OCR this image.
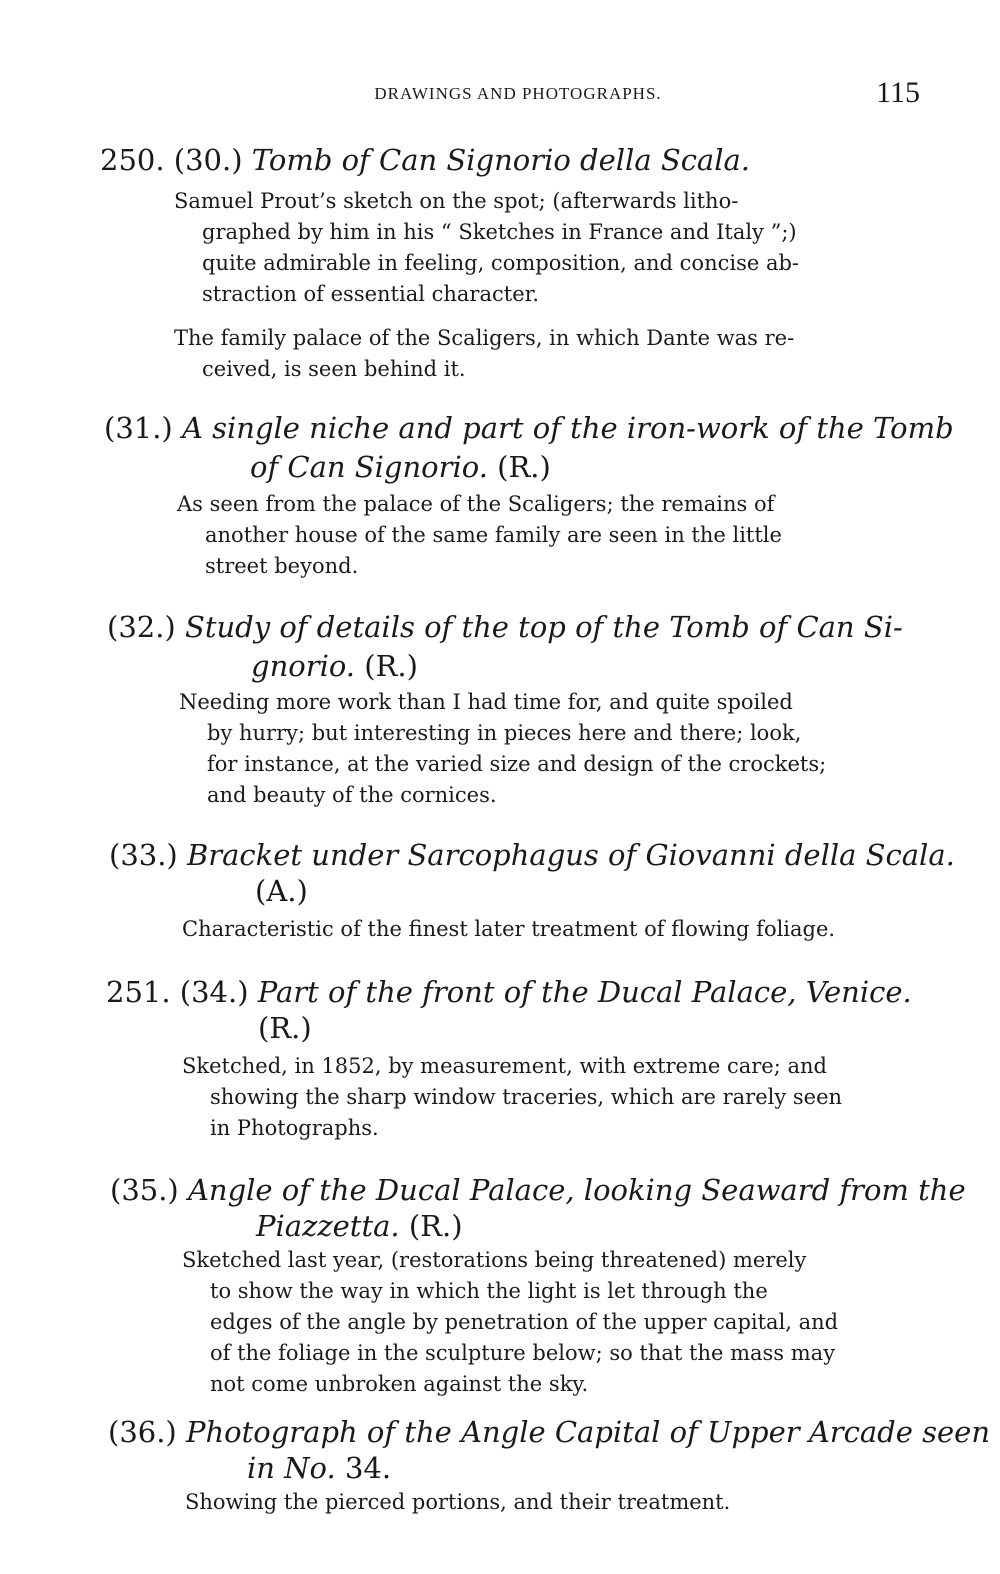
DRAWINGS AND PHOTOGRAPHS.	115
250. (30.) Tomb of Can Signorio della Scala.
Samuel Prout’s sketch on the spot; (afterwards litho-
graphed by him in his “ Sketches in France and Italy ”;)
quite admirable in feeling, composition, and concise ab-
straction of essential character.
The family palace of the Scaligers, in which Dante was re-
ceived, is seen behind it.
(31.) A single niche and part of the iron-work of the Tomb
of Can Signorio. (R.)
As seen from the palace of the Scaligers; the remains of
another house of the same family are seen in the little
street beyond.
(32.) Study of details of the top of the Tomb of Can Si-
gnorio. (R.)
Needing more work than I had time for, and quite spoiled
by hurry; but interesting in pieces here and there; look,
for instance, at the varied size and design of the crockets;
and beauty of the cornices.
(33.) Bracket under Sarcophagus of Giovanni della Scala.
(A.)
Characteristic of the finest later treatment of flowing foliage.
251. (34.) Part of the front of the Ducal Palace, Venice.
(R.)
Sketched, in 1852, by measurement, with extreme care; and
showing the sharp window traceries, which are rarely seen
in Photographs.
(35.) Angle of the Ducal Palace, looking Seaward from the
Piazzetta. (R.)
Sketched last year, (restorations being threatened) merely
to show the way in which the light is let through the
edges of the angle by penetration of the upper capital, and
of the foliage in the sculpture below; so that the mass may
not come unbroken against the sky.
(36.) Photograph of the Angle Capital of Upper Arcade seen
in No. 34.
Showing the pierced portions, and their treatment.
